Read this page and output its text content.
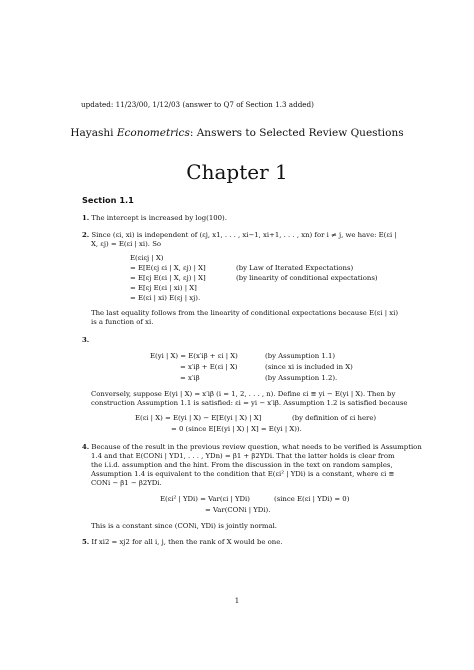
updated: 11/23/00, 1/12/03 (answer to Q7 of Section 1.3 added)
Hayashi Econometrics: Answers to Selected Review Questions
Chapter 1
Section 1.1
1. The intercept is increased by log(100).
2. Since (εi, xi) is independent of (εj, x1, . . . , xi−1, xi+1, . . . , xn) for i ≠ j, we have: E(εi |
X, εj) = E(εi | xi). So
E(εiεj | X)
= E[E(εj εi | X, εj) | X]	(by Law of Iterated Expectations)
= E[εj E(εi | X, εj) | X]	(by linearity of conditional expectations)
= E[εj E(εi | xi) | X]
= E(εi | xi) E(εj | xj).
The last equality follows from the linearity of conditional expectations because E(εi | xi)
is a function of xi.
3.
E(yi | X) = E(x′iβ + εi | X)	(by Assumption 1.1)
= x′iβ + E(εi | X)	(since xi is included in X)
= x′iβ	(by Assumption 1.2).
Conversely, suppose E(yi | X) = x′iβ (i = 1, 2, . . . , n). Define εi ≡ yi − E(yi | X). Then by
construction Assumption 1.1 is satisfied: εi = yi − x′iβ. Assumption 1.2 is satisfied because
E(εi | X) = E(yi | X) − E[E(yi | X) | X]	(by definition of εi here)
= 0 (since E[E(yi | X) | X] = E(yi | X)).
4. Because of the result in the previous review question, what needs to be verified is Assumption
1.4 and that E(CONi | YD1, . . . , YDn) = β1 + β2YDi. That the latter holds is clear from
the i.i.d. assumption and the hint. From the discussion in the text on random samples,
Assumption 1.4 is equivalent to the condition that E(εi² | YDi) is a constant, where εi ≡
CONi − β1 − β2YDi.
E(εi² | YDi) = Var(εi | YDi)	(since E(εi | YDi) = 0)
= Var(CONi | YDi).
This is a constant since (CONi, YDi) is jointly normal.
5. If xi2 = xj2 for all i, j, then the rank of X would be one.
1
